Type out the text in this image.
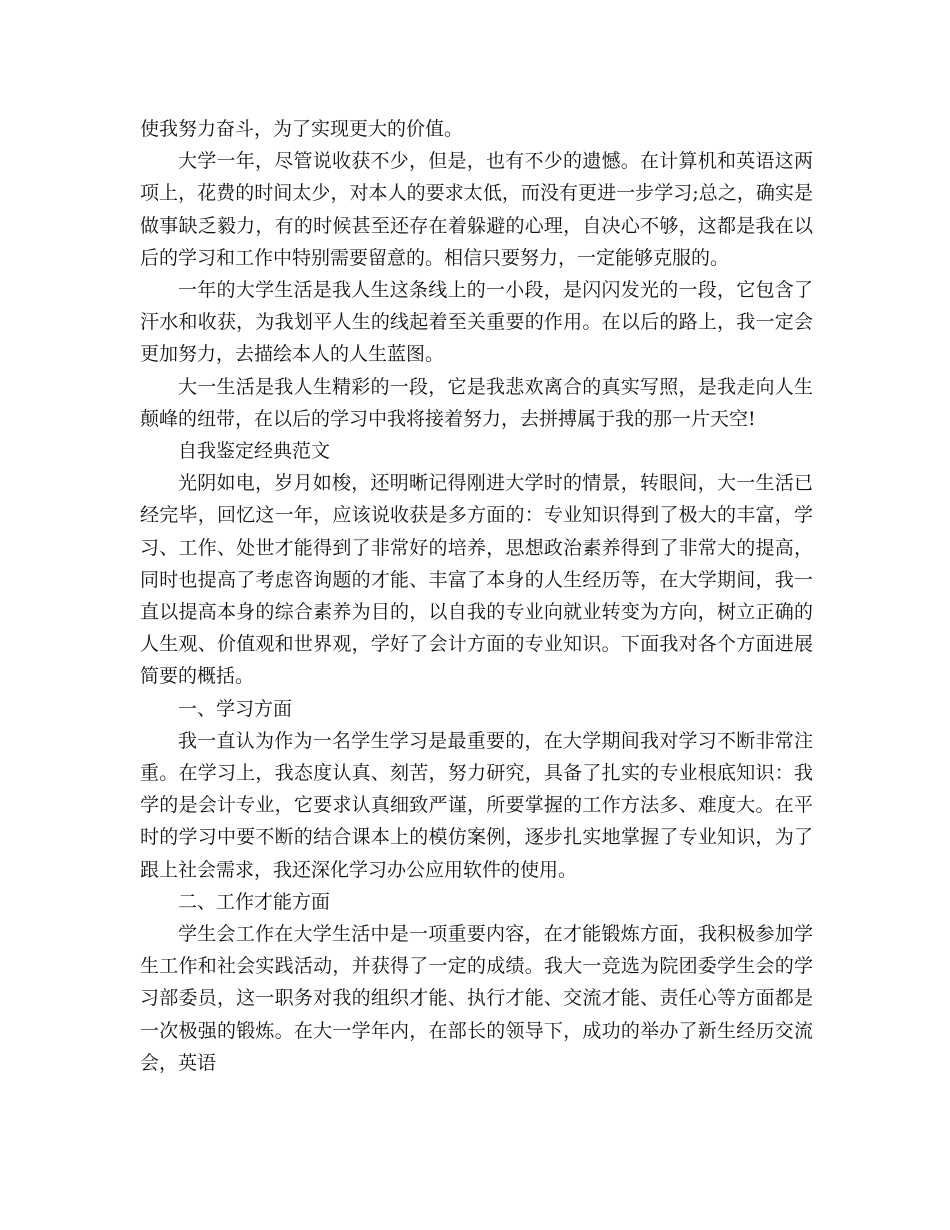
使我努力奋斗，为了实现更大的价值。

大学一年，尽管说收获不少，但是，也有不少的遗憾。在计算机和英语这两项上，花费的时间太少，对本人的要求太低，而没有更进一步学习;总之，确实是做事缺乏毅力，有的时候甚至还存在着躲避的心理，自决心不够，这都是我在以后的学习和工作中特别需要留意的。相信只要努力，一定能够克服的。

一年的大学生活是我人生这条线上的一小段，是闪闪发光的一段，它包含了汗水和收获，为我划平人生的线起着至关重要的作用。在以后的路上，我一定会更加努力，去描绘本人的人生蓝图。

大一生活是我人生精彩的一段，它是我悲欢离合的真实写照，是我走向人生颠峰的纽带，在以后的学习中我将接着努力，去拼搏属于我的那一片天空!

自我鉴定经典范文

光阴如电，岁月如梭，还明晰记得刚进大学时的情景，转眼间，大一生活已经完毕，回忆这一年，应该说收获是多方面的：专业知识得到了极大的丰富，学习、工作、处世才能得到了非常好的培养，思想政治素养得到了非常大的提高，同时也提高了考虑咨询题的才能、丰富了本身的人生经历等，在大学期间，我一直以提高本身的综合素养为目的，以自我的专业向就业转变为方向，树立正确的人生观、价值观和世界观，学好了会计方面的专业知识。下面我对各个方面进展简要的概括。

一、学习方面

我一直认为作为一名学生学习是最重要的，在大学期间我对学习不断非常注重。在学习上，我态度认真、刻苦，努力研究，具备了扎实的专业根底知识：我学的是会计专业，它要求认真细致严谨，所要掌握的工作方法多、难度大。在平时的学习中要不断的结合课本上的模仿案例，逐步扎实地掌握了专业知识，为了跟上社会需求，我还深化学习办公应用软件的使用。

二、工作才能方面

学生会工作在大学生活中是一项重要内容，在才能锻炼方面，我积极参加学生工作和社会实践活动，并获得了一定的成绩。我大一竞选为院团委学生会的学习部委员，这一职务对我的组织才能、执行才能、交流才能、责任心等方面都是一次极强的锻炼。在大一学年内，在部长的领导下，成功的举办了新生经历交流会，英语
